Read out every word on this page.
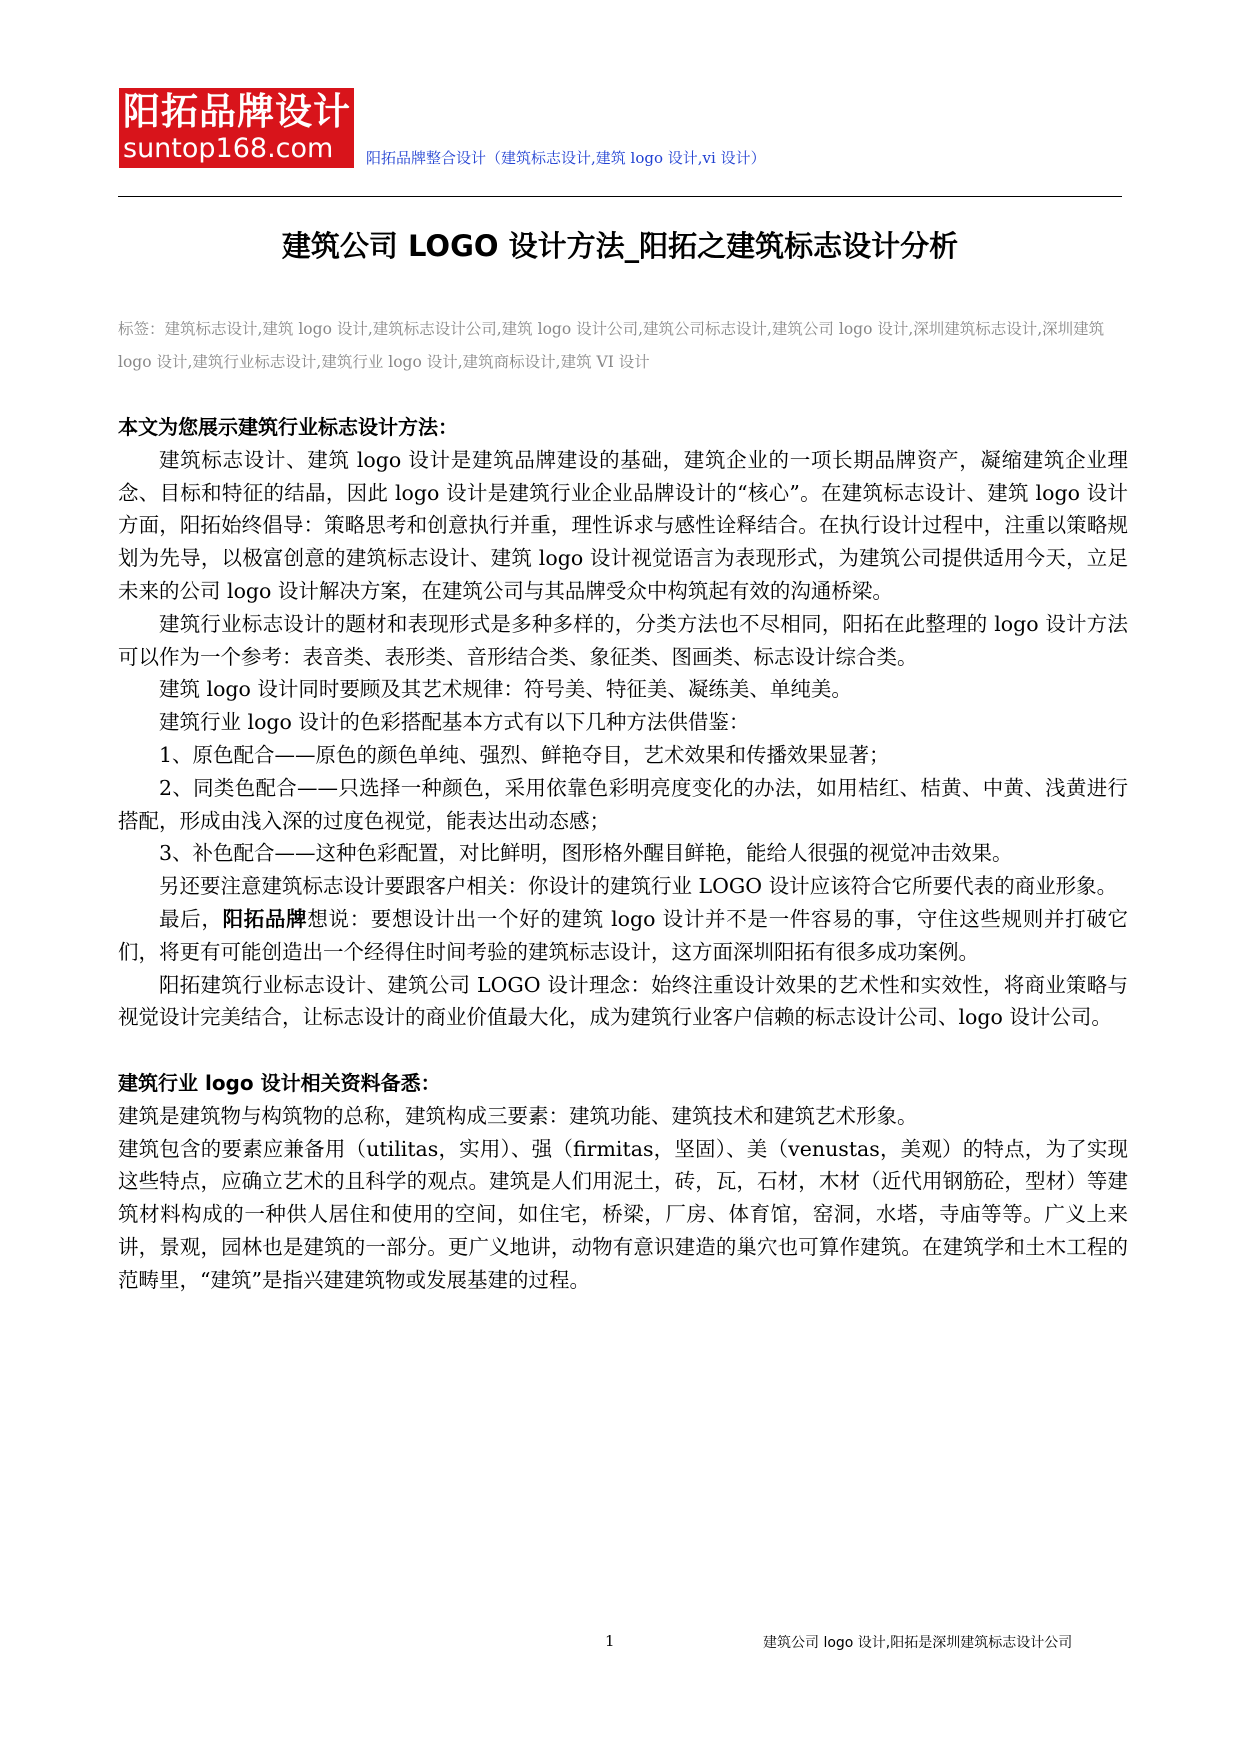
阳拓品牌设计
suntop168.com	阳拓品牌整合设计（建筑标志设计,建筑 logo 设计,vi 设计）
建筑公司 LOGO 设计方法_阳拓之建筑标志设计分析
标签：建筑标志设计,建筑 logo 设计,建筑标志设计公司,建筑 logo 设计公司,建筑公司标志设计,建筑公司 logo 设计,深圳建筑标志设计,深圳建筑 logo 设计,建筑行业标志设计,建筑行业 logo 设计,建筑商标设计,建筑 VI 设计
本文为您展示建筑行业标志设计方法：

建筑标志设计、建筑 logo 设计是建筑品牌建设的基础，建筑企业的一项长期品牌资产，凝缩建筑企业理念、目标和特征的结晶，因此 logo 设计是建筑行业企业品牌设计的“核心”。在建筑标志设计、建筑 logo 设计方面，阳拓始终倡导：策略思考和创意执行并重，理性诉求与感性诠释结合。在执行设计过程中，注重以策略规划为先导，以极富创意的建筑标志设计、建筑 logo 设计视觉语言为表现形式，为建筑公司提供适用今天，立足未来的公司 logo 设计解决方案，在建筑公司与其品牌受众中构筑起有效的沟通桥梁。

建筑行业标志设计的题材和表现形式是多种多样的，分类方法也不尽相同，阳拓在此整理的 logo 设计方法可以作为一个参考：表音类、表形类、音形结合类、象征类、图画类、标志设计综合类。

建筑 logo 设计同时要顾及其艺术规律：符号美、特征美、凝练美、单纯美。

建筑行业 logo 设计的色彩搭配基本方式有以下几种方法供借鉴：

1、原色配合——原色的颜色单纯、强烈、鲜艳夺目，艺术效果和传播效果显著；

2、同类色配合——只选择一种颜色，采用依靠色彩明亮度变化的办法，如用桔红、桔黄、中黄、浅黄进行搭配，形成由浅入深的过度色视觉，能表达出动态感；

3、补色配合——这种色彩配置，对比鲜明，图形格外醒目鲜艳，能给人很强的视觉冲击效果。

另还要注意建筑标志设计要跟客户相关：你设计的建筑行业 LOGO 设计应该符合它所要代表的商业形象。

最后，阳拓品牌想说：要想设计出一个好的建筑 logo 设计并不是一件容易的事，守住这些规则并打破它们，将更有可能创造出一个经得住时间考验的建筑标志设计，这方面深圳阳拓有很多成功案例。

阳拓建筑行业标志设计、建筑公司 LOGO 设计理念：始终注重设计效果的艺术性和实效性，将商业策略与视觉设计完美结合，让标志设计的商业价值最大化，成为建筑行业客户信赖的标志设计公司、logo 设计公司。

建筑行业 logo 设计相关资料备悉：

建筑是建筑物与构筑物的总称，建筑构成三要素：建筑功能、建筑技术和建筑艺术形象。

建筑包含的要素应兼备用（utilitas，实用）、强（firmitas，坚固）、美（venustas，美观）的特点，为了实现这些特点，应确立艺术的且科学的观点。建筑是人们用泥土，砖，瓦，石材，木材（近代用钢筋砼，型材）等建筑材料构成的一种供人居住和使用的空间，如住宅，桥梁，厂房、体育馆，窑洞，水塔，寺庙等等。广义上来讲，景观，园林也是建筑的一部分。更广义地讲，动物有意识建造的巢穴也可算作建筑。在建筑学和土木工程的范畴里，“建筑”是指兴建建筑物或发展基建的过程。

1	建筑公司 logo 设计,阳拓是深圳建筑标志设计公司
